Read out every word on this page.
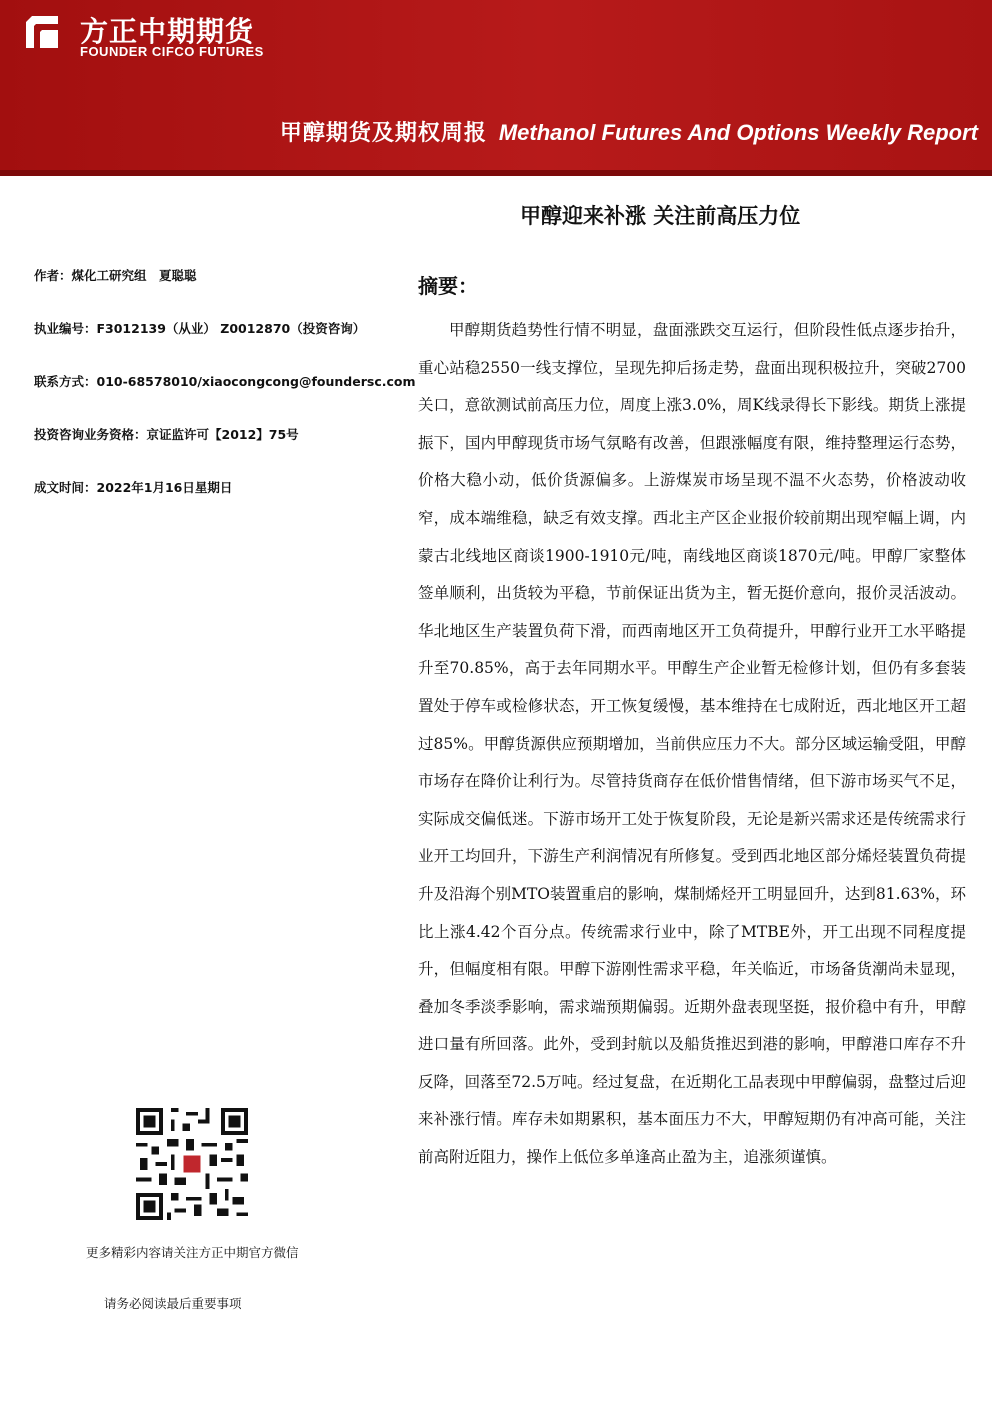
方正中期期货
FOUNDER CIFCO FUTURES
甲醇期货及期权周报 Methanol Futures And Options Weekly Report
甲醇迎来补涨 关注前高压力位
作者：煤化工研究组　夏聪聪
执业编号：F3012139（从业） Z0012870（投资咨询）
联系方式：010-68578010/xiaocongcong@foundersc.com
投资咨询业务资格：京证监许可【2012】75号
成文时间：2022年1月16日星期日
更多精彩内容请关注方正中期官方微信
请务必阅读最后重要事项
摘要：

甲醇期货趋势性行情不明显，盘面涨跌交互运行，但阶段性低点逐步抬升，重心站稳2550一线支撑位，呈现先抑后扬走势，盘面出现积极拉升，突破2700关口，意欲测试前高压力位，周度上涨3.0%，周K线录得长下影线。期货上涨提振下，国内甲醇现货市场气氛略有改善，但跟涨幅度有限，维持整理运行态势，价格大稳小动，低价货源偏多。上游煤炭市场呈现不温不火态势，价格波动收窄，成本端维稳，缺乏有效支撑。西北主产区企业报价较前期出现窄幅上调，内蒙古北线地区商谈1900-1910元/吨，南线地区商谈1870元/吨。甲醇厂家整体签单顺利，出货较为平稳，节前保证出货为主，暂无挺价意向，报价灵活波动。华北地区生产装置负荷下滑，而西南地区开工负荷提升，甲醇行业开工水平略提升至70.85%，高于去年同期水平。甲醇生产企业暂无检修计划，但仍有多套装置处于停车或检修状态，开工恢复缓慢，基本维持在七成附近，西北地区开工超过85%。甲醇货源供应预期增加，当前供应压力不大。部分区域运输受阻，甲醇市场存在降价让利行为。尽管持货商存在低价惜售情绪，但下游市场买气不足，实际成交偏低迷。下游市场开工处于恢复阶段，无论是新兴需求还是传统需求行业开工均回升，下游生产利润情况有所修复。受到西北地区部分烯烃装置负荷提升及沿海个别MTO装置重启的影响，煤制烯烃开工明显回升，达到81.63%，环比上涨4.42个百分点。传统需求行业中，除了MTBE外，开工出现不同程度提升，但幅度相有限。甲醇下游刚性需求平稳，年关临近，市场备货潮尚未显现，叠加冬季淡季影响，需求端预期偏弱。近期外盘表现坚挺，报价稳中有升，甲醇进口量有所回落。此外，受到封航以及船货推迟到港的影响，甲醇港口库存不升反降，回落至72.5万吨。经过复盘，在近期化工品表现中甲醇偏弱，盘整过后迎来补涨行情。库存未如期累积，基本面压力不大，甲醇短期仍有冲高可能，关注前高附近阻力，操作上低位多单逢高止盈为主，追涨须谨慎。
